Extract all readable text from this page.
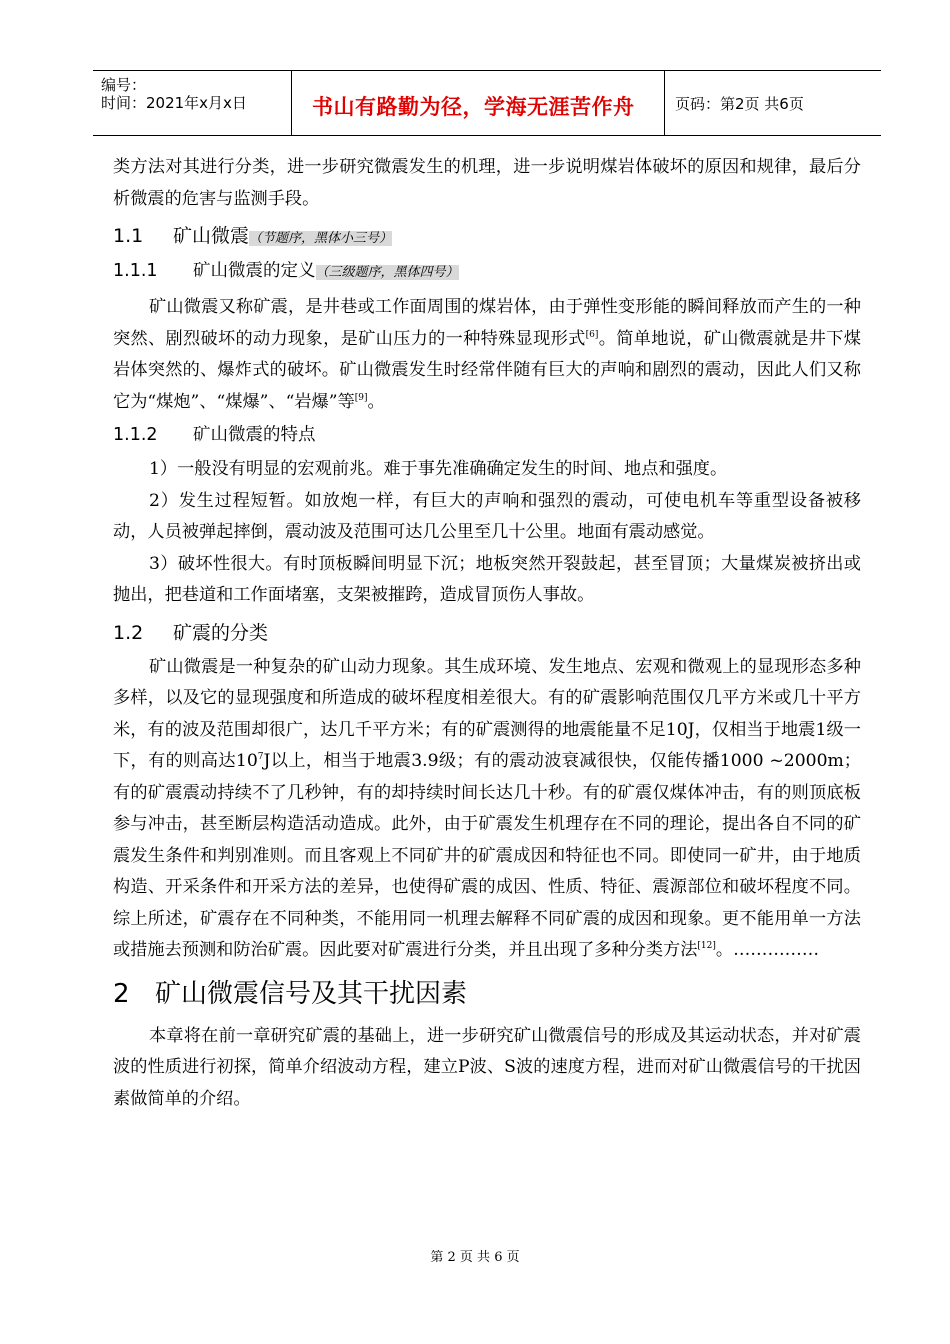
编号：
时间：2021年x月x日	书山有路勤为径，学海无涯苦作舟	页码：第2页 共6页

类方法对其进行分类，进一步研究微震发生的机理，进一步说明煤岩体破坏的原因和规律，最后分析微震的危害与监测手段。

1.1 矿山微震（节题序，黑体小三号）
1.1.1 矿山微震的定义（三级题序，黑体四号）

矿山微震又称矿震，是井巷或工作面周围的煤岩体，由于弹性变形能的瞬间释放而产生的一种突然、剧烈破坏的动力现象，是矿山压力的一种特殊显现形式[6]。简单地说，矿山微震就是井下煤岩体突然的、爆炸式的破坏。矿山微震发生时经常伴随有巨大的声响和剧烈的震动，因此人们又称它为“煤炮”、“煤爆”、“岩爆”等[9]。

1.1.2 矿山微震的特点

1）一般没有明显的宏观前兆。难于事先准确确定发生的时间、地点和强度。

2）发生过程短暂。如放炮一样，有巨大的声响和强烈的震动，可使电机车等重型设备被移动，人员被弹起摔倒，震动波及范围可达几公里至几十公里。地面有震动感觉。

3）破坏性很大。有时顶板瞬间明显下沉；地板突然开裂鼓起，甚至冒顶；大量煤炭被挤出或抛出，把巷道和工作面堵塞，支架被摧跨，造成冒顶伤人事故。

1.2 矿震的分类

矿山微震是一种复杂的矿山动力现象。其生成环境、发生地点、宏观和微观上的显现形态多种多样，以及它的显现强度和所造成的破坏程度相差很大。有的矿震影响范围仅几平方米或几十平方米，有的波及范围却很广，达几千平方米；有的矿震测得的地震能量不足10J，仅相当于地震1级一下，有的则高达$10^7J$以上，相当于地震3.9级；有的震动波衰减很快，仅能传播1000 ~2000m；有的矿震震动持续不了几秒钟，有的却持续时间长达几十秒。有的矿震仅煤体冲击，有的则顶底板参与冲击，甚至断层构造活动造成。此外，由于矿震发生机理存在不同的理论，提出各自不同的矿震发生条件和判别准则。而且客观上不同矿井的矿震成因和特征也不同。即使同一矿井，由于地质构造、开采条件和开采方法的差异，也使得矿震的成因、性质、特征、震源部位和破坏程度不同。综上所述，矿震存在不同种类，不能用同一机理去解释不同矿震的成因和现象。更不能用单一方法或措施去预测和防治矿震。因此要对矿震进行分类，并且出现了多种分类方法[12]。……………

2 矿山微震信号及其干扰因素

本章将在前一章研究矿震的基础上，进一步研究矿山微震信号的形成及其运动状态，并对矿震波的性质进行初探，简单介绍波动方程，建立P波、S波的速度方程，进而对矿山微震信号的干扰因素做简单的介绍。

第 2 页 共 6 页
